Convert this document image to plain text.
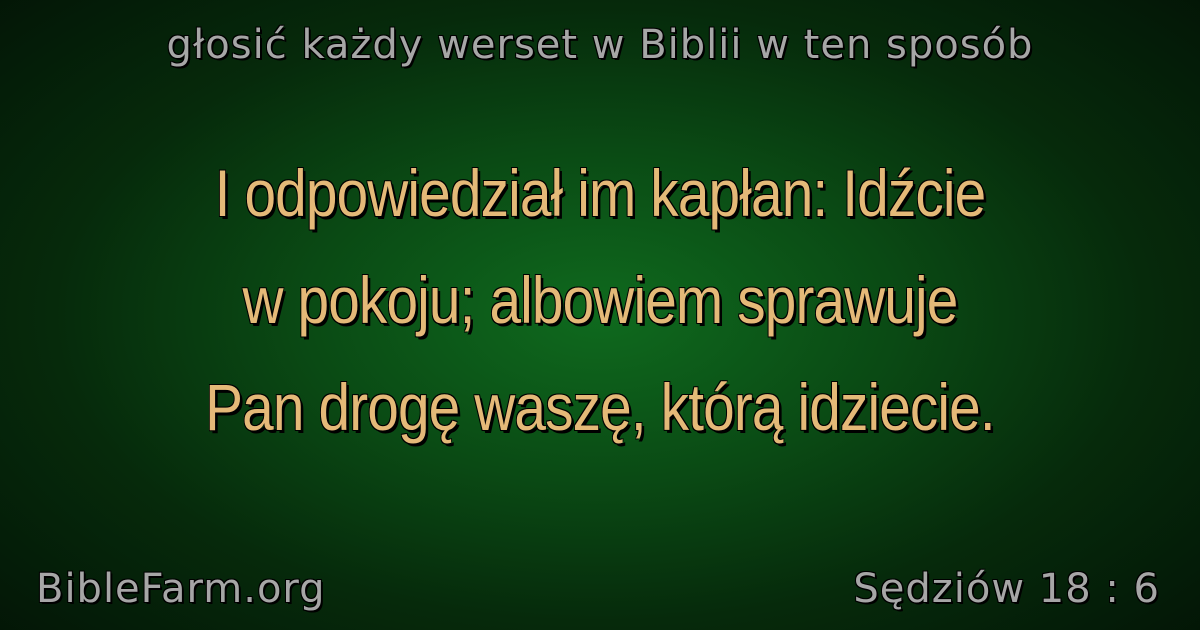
głosić każdy werset w Biblii w ten sposób
I odpowiedział im kapłan: Idźcie
w pokoju; albowiem sprawuje
Pan drogę waszę, którą idziecie.
BibleFarm.org	Sędziów 18 : 6
